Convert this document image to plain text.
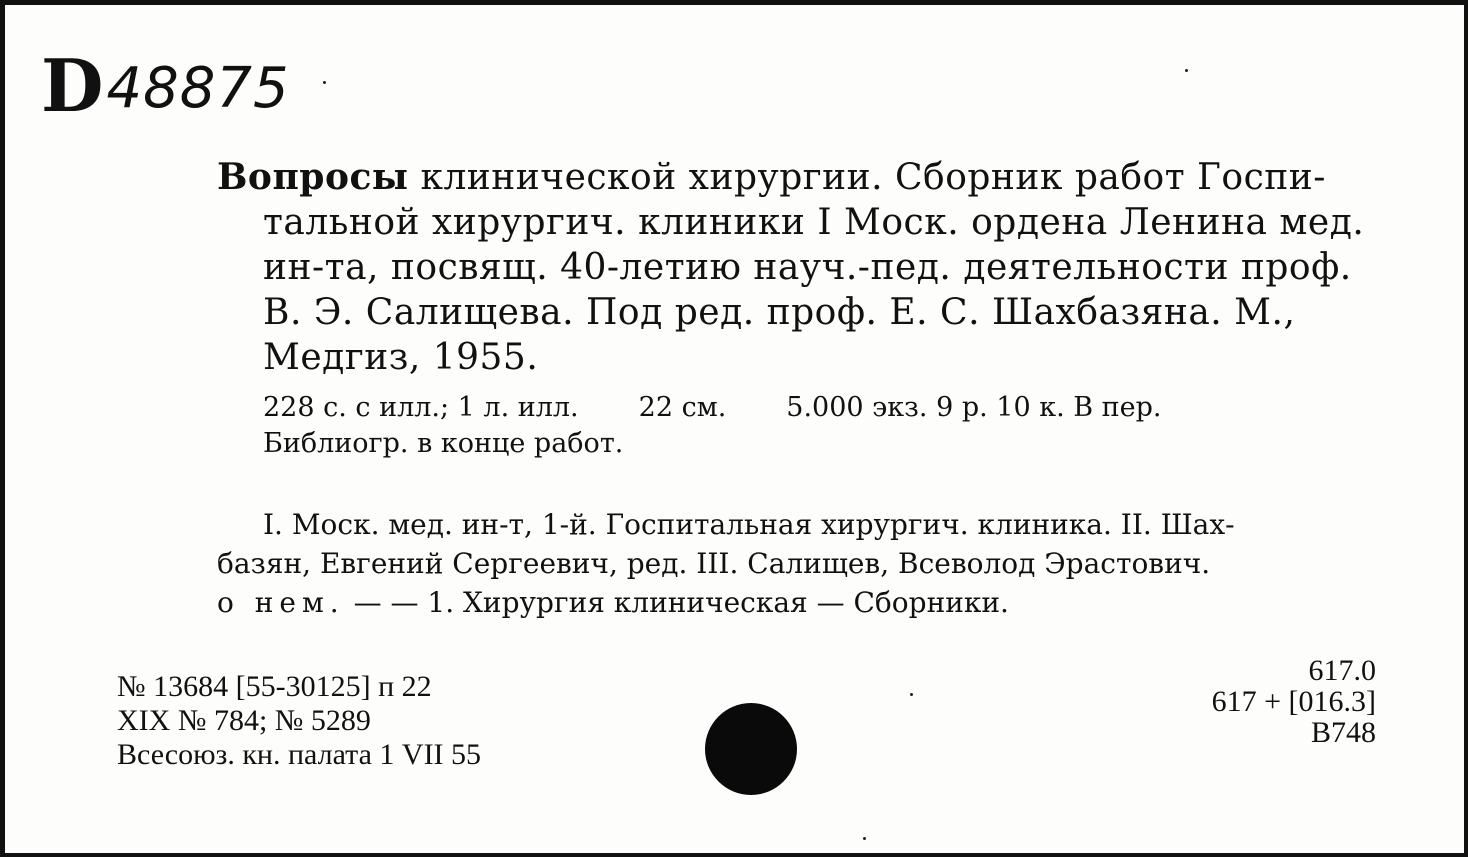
D48875
Вопросы клинической хирургии. Сборник работ Госпи-
тальной хирургич. клиники I Моск. ордена Ленина мед.
ин-та, посвящ. 40-летию науч.-пед. деятельности проф.
В. Э. Салищева. Под ред. проф. Е. С. Шахбазяна. М.,
Медгиз, 1955.
228 с. с илл.; 1 л. илл. 22 см. 5.000 экз. 9 р. 10 к. В пер.
Библиогр. в конце работ.
I. Моск. мед. ин-т, 1-й. Госпитальная хирургич. клиника. II. Шах-
базян, Евгений Сергеевич, ред. III. Салищев, Всеволод Эрастович.
о нем. — — 1. Хирургия клиническая — Сборники.
№ 13684 [55-30125] п 22
XIX № 784; № 5289
Всесоюз. кн. палата 1 VII 55
617.0
617 + [016.3]
В748
